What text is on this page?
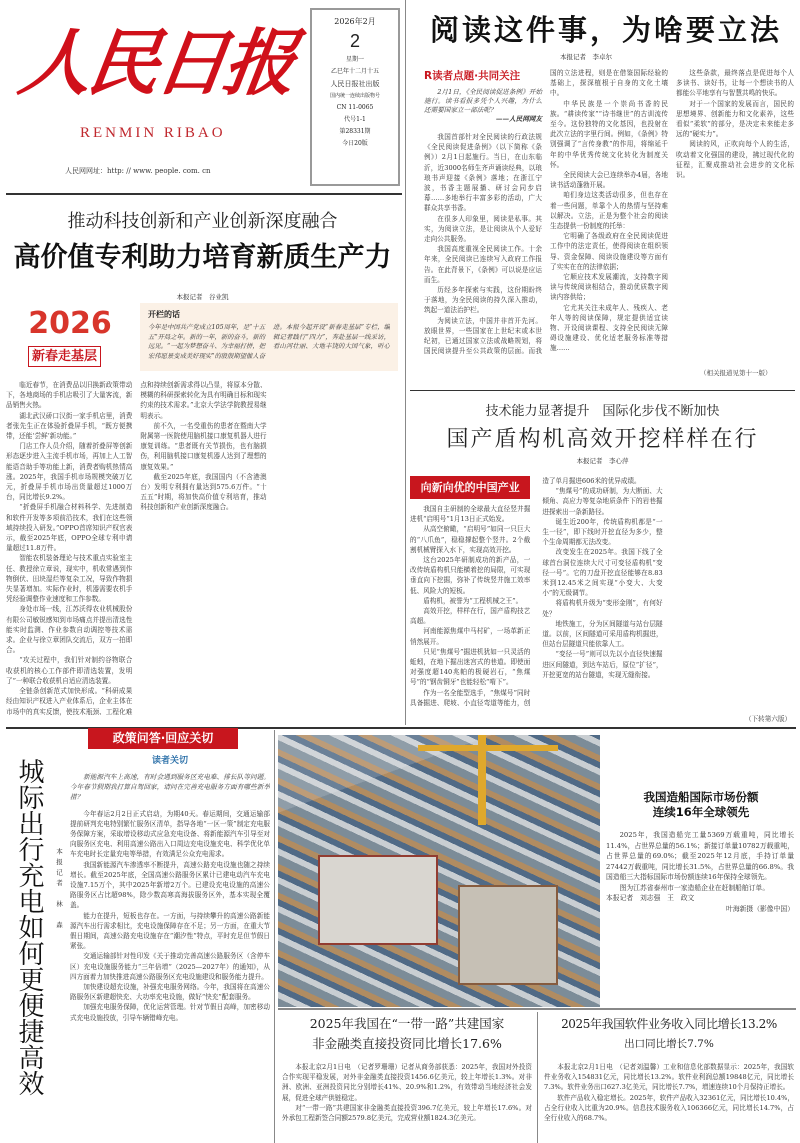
人民日报
RENMIN RIBAO
人民网网址：http: // www. people. com. cn
2026年2月
2
星期一
乙巳年十二月十五
人民日报社出版
国内统一连续出版物号
CN 11-0065
代号1-1
第28331期
今日20版
阅读这件事，为啥要立法
本报记者　李卓尔
R读者点题·共同关注

2月1日，《全民阅读促进条例》开始施行。读书看报多凭个人兴趣，为什么还需要国家立一部法呢？

——人民网网友

我国首部针对全民阅读的行政法规《全民阅读促进条例》（以下简称《条例》）2月1日起施行。当日，在山东临沂，近3000名师生齐声诵读经典，以琅琅书声迎接《条例》落地；在浙江宁波，书香主题展播、研讨会同步启幕……多地举行丰富多彩的活动，广大群众共享书香。

在很多人印象里，阅读是私事。其实，为阅读立法，是让阅读从个人爱好走向公共服务。

我国高度重视全民阅读工作。十余年来，全民阅读已连续写入政府工作报告。在此背景下，《条例》可以说是应运而生。

历经多年探索与实践，这份期盼终于落地，为全民阅读的持久深入推动，筑起一道法治护栏。

为阅读立法，中国并非首开先河。放眼世界，一些国家在上世纪末或本世纪初，已通过国家立法或战略规划，将国民阅读提升至公共政策的层面。而我国的立法进程，则是在借鉴国际经验的基础上，探深植根于自身的文化土壤中。

中华民族是一个崇尚书香的民族。“耕读传家”“诗书继世”的古训流传至今。这份独特的文化基因，也投射在此次立法的字里行间。例如，《条例》特别强调了“言传身教”的作用，将绵延千年的中华优秀传统文化转化为制度关怀。

全民阅读大会已连续举办4届，各地读书活动蓬勃开展。

咱们身边这类活动很多，但也存在着一些问题，单靠个人的热情与坚持难以解决。立法，正是为整个社会的阅读生态提供一份制度的托举：

它明确了各级政府在全民阅读促进工作中的法定责任，使得阅读在组织领导、资金保障、阅读设施建设等方面有了实实在在的法律依据；

它顺应技术发展潮流，支持数字阅读与传统阅读相结合，推动优质数字阅读内容供给；

它尤其关注未成年人、残疾人、老年人等的阅读保障，规定提供适宜读物、开设阅读课程、支持全民阅读无障碍设施建设、优化适老服务标准等措施……

这些条款，最终落点是促进每个人多读书、读好书，让每一个想读书的人都能公平地享有与智慧共鸣的快乐。

对于一个国家的发展而言，国民的思想境界、创新能力和文化素养，这些看似“柔软”的部分，是决定未来能走多远的“硬实力”。

阅读的风，正吹向每个人的生活，吹动着文化强国的建设，拂过现代化的征程，汇聚成推动社会进步的文化标识。

（相关报道见第十一版）
推动科技创新和产业创新深度融合
高价值专利助力培育新质生产力
本报记者　谷业凯
2026
新春走基层
开栏的话
今年是中国共产党成立105周年，是“十五五”开局之年。新的一年，新的奋斗，新的远见。“一起为梦想奋斗、为幸福打拼，把宏伟愿景变成美好现实”的殷殷期望催人奋进。本报今起开设“新春走基层”专栏，编辑记者践行“四力”，奔赴基层一线采访，看山河壮丽、大地丰饶的大国气象，听心

临近春节，在消费品以旧换新政策带动下，各地商场的手机店吸引了大量客流，新品销售火热。

湖北武汉硚口汉街一家手机店里，消费者张先生正在体验折叠屏手机，“既方便携带，还能‘尝鲜’新功能。”

门店工作人员介绍，随着折叠屏等创新形态逐步进入主流手机市场，再加上人工智能语音助手等功能上新，消费者购机热情高涨。2025年，我国手机市场规模突破万亿元，折叠屏手机市场出货量超过1000万台，同比增长9.2%。

“折叠屏手机融合材料科学、先进制造和软件开发等多项前沿技术，我们在这些领域持续投入研发。”OPPO首席知识产权官表示，截至2025年底，OPPO全球专利申请量超过11.8万件。

智能农机装备理论与技术重点实验室主任、教授徐立章说，现实中，机收常遇到作物倒伏、田块湿烂等复杂工况，导致作物损失显著增加。实际作业时，机器需要农机手凭经验调整作业速度和工作参数。

身处市场一线，江苏沃得农业机械股份有限公司敏锐感知到市场痛点并提出清选性能实时监测、作业参数自动调控等技术需求。企业与徐立章团队交流后，双方一拍即合。

“攻关过程中，我们针对制约谷物联合收获机的核心工作部件即清选装置，发明了”一种联合收获机自适应清选装置。

全链条创新范式加快形成。“科研成果经由知识产权进入产业体系后，企业主体在市场中的真实反馈，使技术瓶颈、工程化难点和持续创新需求得以凸显，将原本分散、模糊的科研探索转化为具有明确目标和现实约束的技术需求。”北京大学法学院教授易继明表示。

前不久，一名受重伤的患者在暨南大学附属第一医院使用脑机接口康复机器人进行康复训练。“患者既有关节损伤，也有脑损伤，利用脑机接口康复机器人达到了理想的康复效果。”

截至2025年底，我国国内（不含港澳台）发明专利拥有量达到575.6万件。“十五五”时期，将加快高价值专利培育，推动科技创新和产业创新深度融合。

技术能力显著提升　国际化步伐不断加快
国产盾构机高效开挖样样在行
本报记者　李心萍
向新向优的中国产业

我国自主研制的全球最大直径竖井掘进机“启明号”1月13日正式始发。

从高空俯瞰，“启明号”如同一只巨大的“八爪鱼”，稳稳撑起整个竖井。2个截割机械臂探入水下，实现高效开挖。

这台2025年研制成功的新产品，一改传统盾构机只能横着挖的局限，可实现垂直向下挖掘，弥补了传统竖井施工效率低、风险大的短板。

盾构机，被誉为“工程机械之王”。

高效开挖，样样在行，国产盾构技艺高超。

河南能源焦煤中马村矿，一场革新正悄然展开。

只见“焦煤号”掘进机犹如一只灵活的蚯蚓，在地下掘出迷宫式的巷道。即使面对强度超140兆帕的极硬岩石，“焦煤号”的“钢齿铜牙”也能轻松“啃下”。

作为一名全能型选手，“焦煤号”同时具备掘进、爬坡、小直径弯道等能力，创造了单月掘进606米的优异成绩。

“焦煤号”的成功研制，为大断面、大倾角、高应力等复杂地质条件下的岩巷掘进探索出一条新路径。

诞生近200年，传统盾构机都是“一生一径”，即下线时开挖直径为多少，整个生命周期都无法改变。

改变发生在2025年。我国下线了全球首台洞位连续大尺寸可变径盾构机“变径一号”。它的刀盘开挖直径能够在8.83米到12.45米之间实现“小变大、大变小”的无级调节。

将盾构机升级为“变形金刚”，有何好处？

地铁施工，分为区间隧道与站台层隧道。以前，区间隧道可采用盾构机掘进，但站台层隧道只能依靠人工。

“变径一号”则可以先以小直径快速掘进区间隧道，到达车站后，原位“扩径”，开挖更宽的站台隧道，实现无缝衔接。

（下转第六版）
城际出行充电如何更便捷高效 本报记者　林　森
政策问答·回应关切
读者关切

新能源汽车上高速，有时会遇到服务区充电难、排长队等问题。今年春节假期我打算自驾回家，请问在完善充电服务方面有哪些新举措？

今年春运2月2日正式启动，为期40天。春运期间，交通运输部提前研判充电特别繁忙服务区清单，指导各地“一区一策”制定充电服务保障方案，采取增设移动式应急充电设备、将新能源汽车引导至对向服务区充电、利用高速公路出入口周边充电设施充电、科学优化单车充电时长定量充电等举措，有效满足公众充电需求。

我国新能源汽车渗透率不断提升，高速公路充电设施也随之持续增长。截至2025年底，全国高速公路服务区累计已建电动汽车充电设施7.15万个，其中2025年新增2万个。已建设充电设施的高速公路服务区占比超98%，除少数高寒高海拔服务区外，基本实现全覆盖。

能力在提升，短板也存在。一方面，与持续攀升的高速公路新能源汽车出行需求相比，充电设施保障存在不足；另一方面，在重大节假日期间，高速公路充电设施存在“潮汐性”特点，平时充足但节假日紧张。

交通运输部针对性印发《关于推动完善高速公路服务区（含停车区）充电设施服务能力“三年倍增”（2025—2027年）的通知》，从四方面着力加快推进高速公路服务区充电设施建设和服务能力提升。

加快建设超充设施，补强充电服务网络。今年，我国将在高速公路服务区新建超快充、大功率充电设施，做好“快充”配套服务。

加强充电服务保障，优化运营管理。针对节假日高峰，加密移动式充电设施投放，引导车辆错峰充电。

我国造船国际市场份额
连续16年全球领先

2025年，我国造船完工量5369万载重吨，同比增长11.4%，占世界总量的56.1%；新接订单量10782万载重吨，占世界总量的69.0%；截至2025年12月底，手持订单量27442万载重吨，同比增长31.5%，占世界总量的66.8%。我国造船三大指标国际市场份额连续16年保持全球领先。

图为江苏省泰州市一家造船企业在赶制船舶订单。

本报记者　刘志强　王　政文
叶海新摄（影像中国）
2025年我国在“一带一路”共建国家
非金融类直接投资同比增长17.6%

本报北京2月1日电　（记者罗珊珊）记者从商务部获悉：2025年，我国对外投资合作实现平稳发展，对外非金融类直接投资1456.6亿美元，较上年增长1.3%。对非洲、欧洲、亚洲投资同比分别增长41%、20.9%和1.2%，有效带动当地经济社会发展，促进全球产供链稳定。

对“一带一路”共建国家非金融类直接投资396.7亿美元，较上年增长17.6%。对外承包工程新签合同额2579.8亿美元，完成营业额1824.3亿美元。

2025年我国软件业务收入同比增长13.2%
出口同比增长7.7%

本报北京2月1日电　（记者刘温馨）工业和信息化部数据显示：2025年，我国软件业务收入154831亿元，同比增长13.2%。软件业利润总额19848亿元，同比增长7.3%。软件业务出口627.3亿美元，同比增长7.7%，增速连续10个月保持正增长。

软件产品收入稳定增长。2025年，软件产品收入32361亿元，同比增长10.4%，占全行业收入比重为20.9%。信息技术服务收入106366亿元，同比增长14.7%，占全行业收入的68.7%。
